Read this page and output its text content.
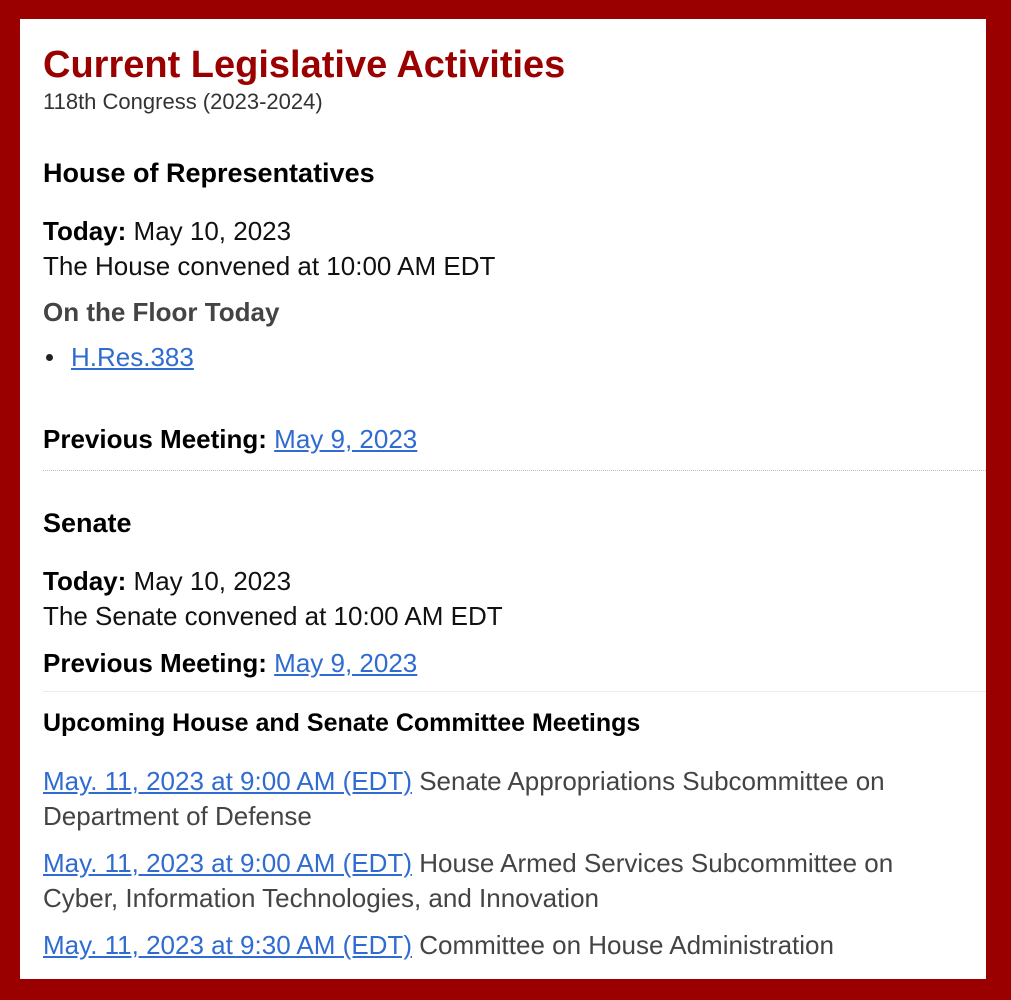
Current Legislative Activities
118th Congress (2023-2024)
House of Representatives
Today: May 10, 2023
The House convened at 10:00 AM EDT
On the Floor Today
H.Res.383
Previous Meeting: May 9, 2023
Senate
Today: May 10, 2023
The Senate convened at 10:00 AM EDT
Previous Meeting: May 9, 2023
Upcoming House and Senate Committee Meetings
May. 11, 2023 at 9:00 AM (EDT) Senate Appropriations Subcommittee on Department of Defense
May. 11, 2023 at 9:00 AM (EDT) House Armed Services Subcommittee on Cyber, Information Technologies, and Innovation
May. 11, 2023 at 9:30 AM (EDT) Committee on House Administration
